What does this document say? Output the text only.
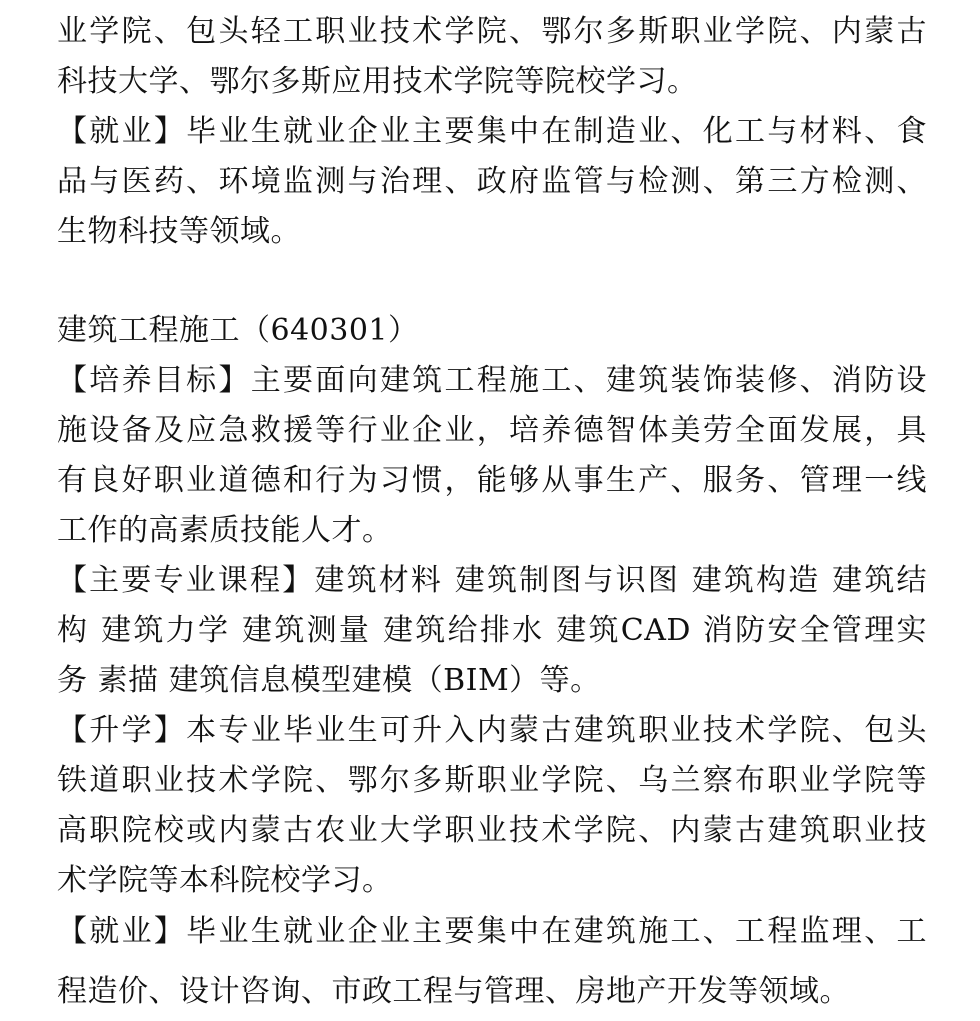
业学院、包头轻工职业技术学院、鄂尔多斯职业学院、内蒙古
科技大学、鄂尔多斯应用技术学院等院校学习。
【就业】毕业生就业企业主要集中在制造业、化工与材料、食
品与医药、环境监测与治理、政府监管与检测、第三方检测、
生物科技等领域。
建筑工程施工（640301）
【培养目标】主要面向建筑工程施工、建筑装饰装修、消防设
施设备及应急救援等行业企业，培养德智体美劳全面发展，具
有良好职业道德和行为习惯，能够从事生产、服务、管理一线
工作的高素质技能人才。
【主要专业课程】建筑材料 建筑制图与识图 建筑构造 建筑结
构 建筑力学 建筑测量 建筑给排水 建筑CAD 消防安全管理实
务 素描 建筑信息模型建模（BIM）等。
【升学】本专业毕业生可升入内蒙古建筑职业技术学院、包头
铁道职业技术学院、鄂尔多斯职业学院、乌兰察布职业学院等
高职院校或内蒙古农业大学职业技术学院、内蒙古建筑职业技
术学院等本科院校学习。
【就业】毕业生就业企业主要集中在建筑施工、工程监理、工
程造价、设计咨询、市政工程与管理、房地产开发等领域。
